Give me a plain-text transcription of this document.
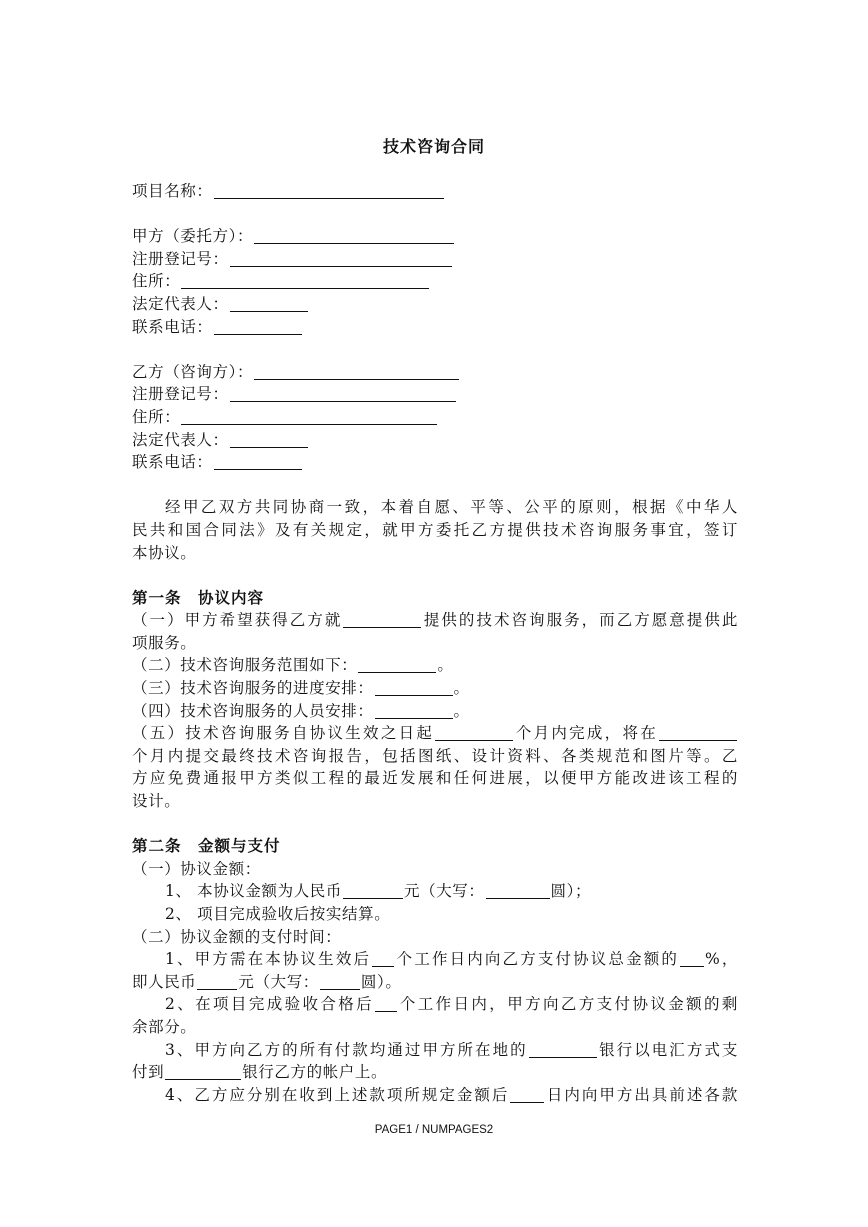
技术咨询合同
项目名称：
甲方（委托方）：
注册登记号：
住所：
法定代表人：
联系电话：
乙方（咨询方）：
注册登记号：
住所：
法定代表人：
联系电话：
经甲乙双方共同协商一致，本着自愿、平等、公平的原则，根据《中华人
民共和国合同法》及有关规定，就甲方委托乙方提供技术咨询服务事宜，签订
本协议。
第一条　协议内容
（一）甲方希望获得乙方就	提供的技术咨询服务，而乙方愿意提供此
项服务。
（二）技术咨询服务范围如下：	。
（三）技术咨询服务的进度安排：	。
（四）技术咨询服务的人员安排：	。
（五）技术咨询服务自协议生效之日起	个月内完成，将在
个月内提交最终技术咨询报告，包括图纸、设计资料、各类规范和图片等。乙
方应免费通报甲方类似工程的最近发展和任何进展，以便甲方能改进该工程的
设计。
第二条　金额与支付
（一）协议金额：
1、 本协议金额为人民币	元（大写：	圆）；
2、 项目完成验收后按实结算。
（二）协议金额的支付时间：
1、甲方需在本协议生效后 个工作日内向乙方支付协议总金额的 %，
即人民币	元（大写：	圆）。
2、在项目完成验收合格后 个工作日内，甲方向乙方支付协议金额的剩
余部分。
3、甲方向乙方的所有付款均通过甲方所在地的	银行以电汇方式支
付到	银行乙方的帐户上。
4、乙方应分别在收到上述款项所规定金额后 日内向甲方出具前述各款
PAGE1 / NUMPAGES2
